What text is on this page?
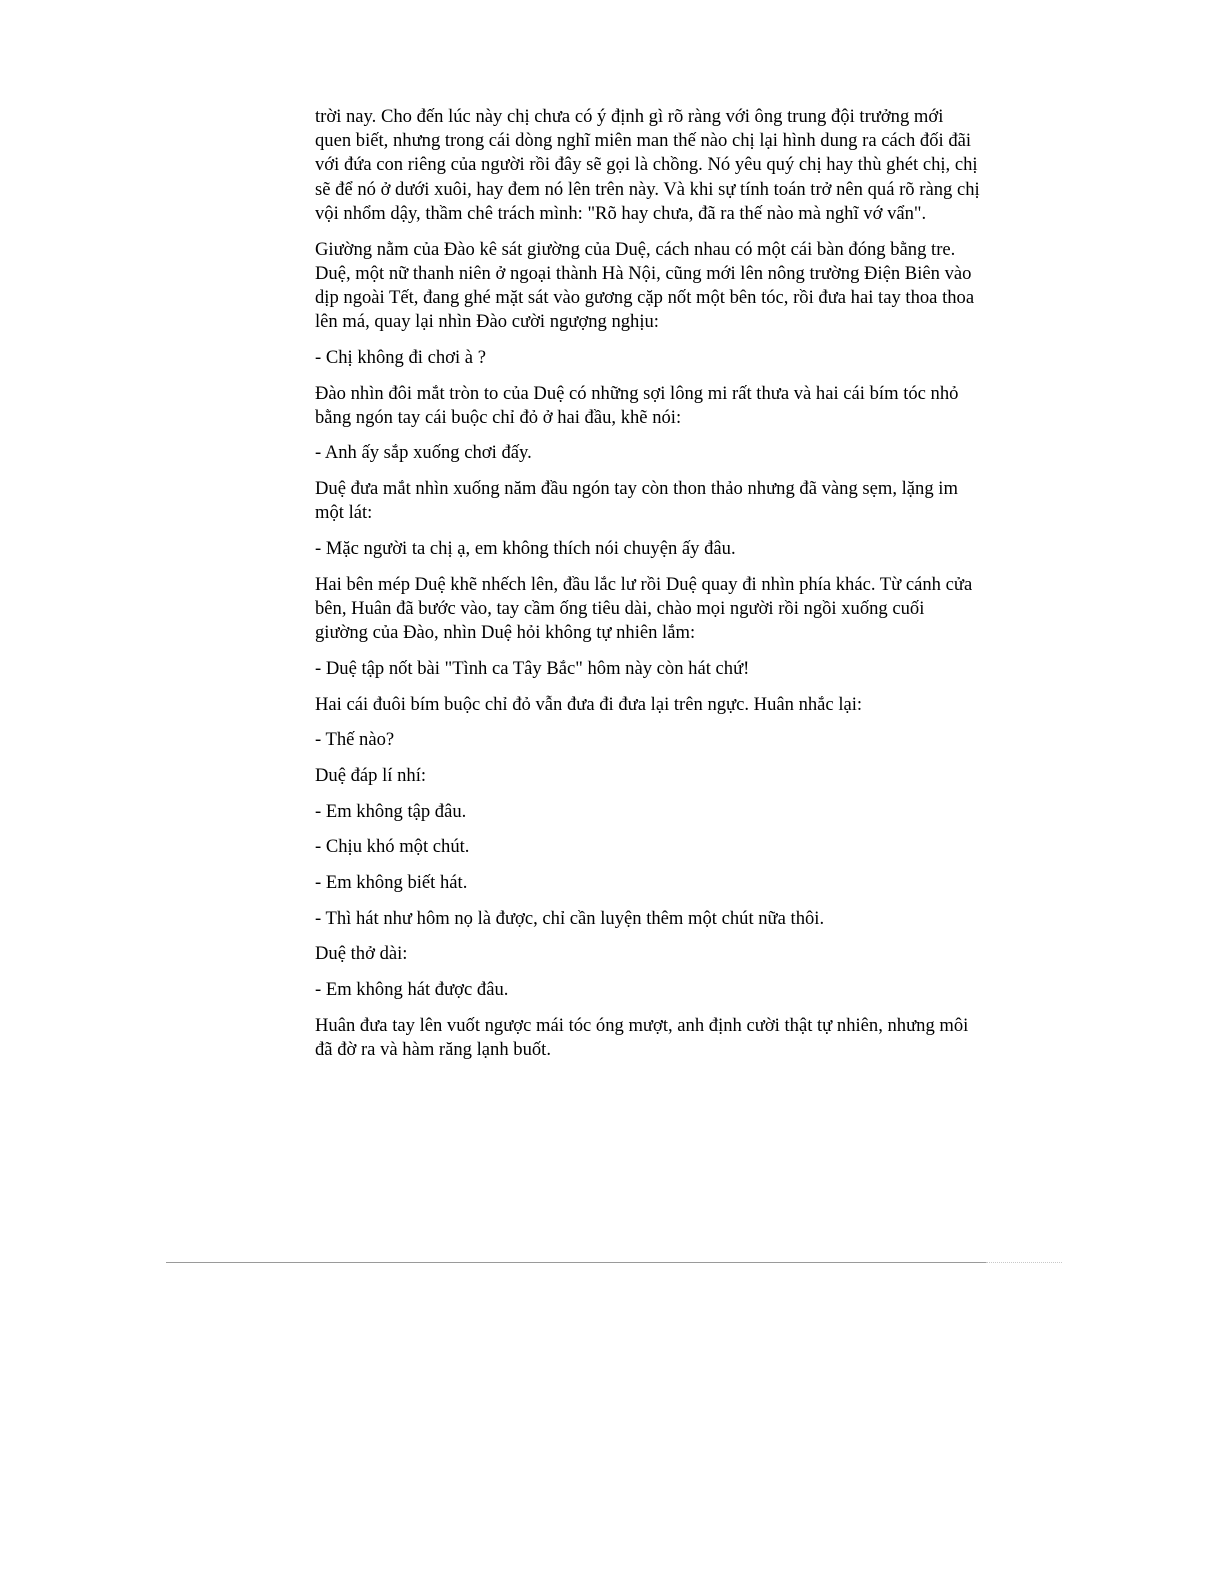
trời nay. Cho đến lúc này chị chưa có ý định gì rõ ràng với ông trung đội trưởng mới quen biết, nhưng trong cái dòng nghĩ miên man thế nào chị lại hình dung ra cách đối đãi với đứa con riêng của người rồi đây sẽ gọi là chồng. Nó yêu quý chị hay thù ghét chị, chị sẽ để nó ở dưới xuôi, hay đem nó lên trên này. Và khi sự tính toán trở nên quá rõ ràng chị vội nhổm dậy, thầm chê trách mình: "Rõ hay chưa, đã ra thế nào mà nghĩ vớ vẩn".

Giường nằm của Đào kê sát giường của Duệ, cách nhau có một cái bàn đóng bằng tre. Duệ, một nữ thanh niên ở ngoại thành Hà Nội, cũng mới lên nông trường Điện Biên vào dịp ngoài Tết, đang ghé mặt sát vào gương cặp nốt một bên tóc, rồi đưa hai tay thoa thoa lên má, quay lại nhìn Đào cười ngượng nghịu:

- Chị không đi chơi à ?

Đào nhìn đôi mắt tròn to của Duệ có những sợi lông mi rất thưa và hai cái bím tóc nhỏ bằng ngón tay cái buộc chỉ đỏ ở hai đầu, khẽ nói:

- Anh ấy sắp xuống chơi đấy.

Duệ đưa mắt nhìn xuống năm đầu ngón tay còn thon thảo nhưng đã vàng sẹm, lặng im một lát:

- Mặc người ta chị ạ, em không thích nói chuyện ấy đâu.

Hai bên mép Duệ khẽ nhếch lên, đầu lắc lư rồi Duệ quay đi nhìn phía khác. Từ cánh cửa bên, Huân đã bước vào, tay cầm ống tiêu dài, chào mọi người rồi ngồi xuống cuối giường của Đào, nhìn Duệ hỏi không tự nhiên lắm:

- Duệ tập nốt bài "Tình ca Tây Bắc" hôm này còn hát chứ!

Hai cái đuôi bím buộc chỉ đỏ vẫn đưa đi đưa lại trên ngực. Huân nhắc lại:

- Thế nào?

Duệ đáp lí nhí:

- Em không tập đâu.

- Chịu khó một chút.

- Em không biết hát.

- Thì hát như hôm nọ là được, chỉ cần luyện thêm một chút nữa thôi.

Duệ thở dài:

- Em không hát được đâu.

Huân đưa tay lên vuốt ngược mái tóc óng mượt, anh định cười thật tự nhiên, nhưng môi đã đờ ra và hàm răng lạnh buốt.
